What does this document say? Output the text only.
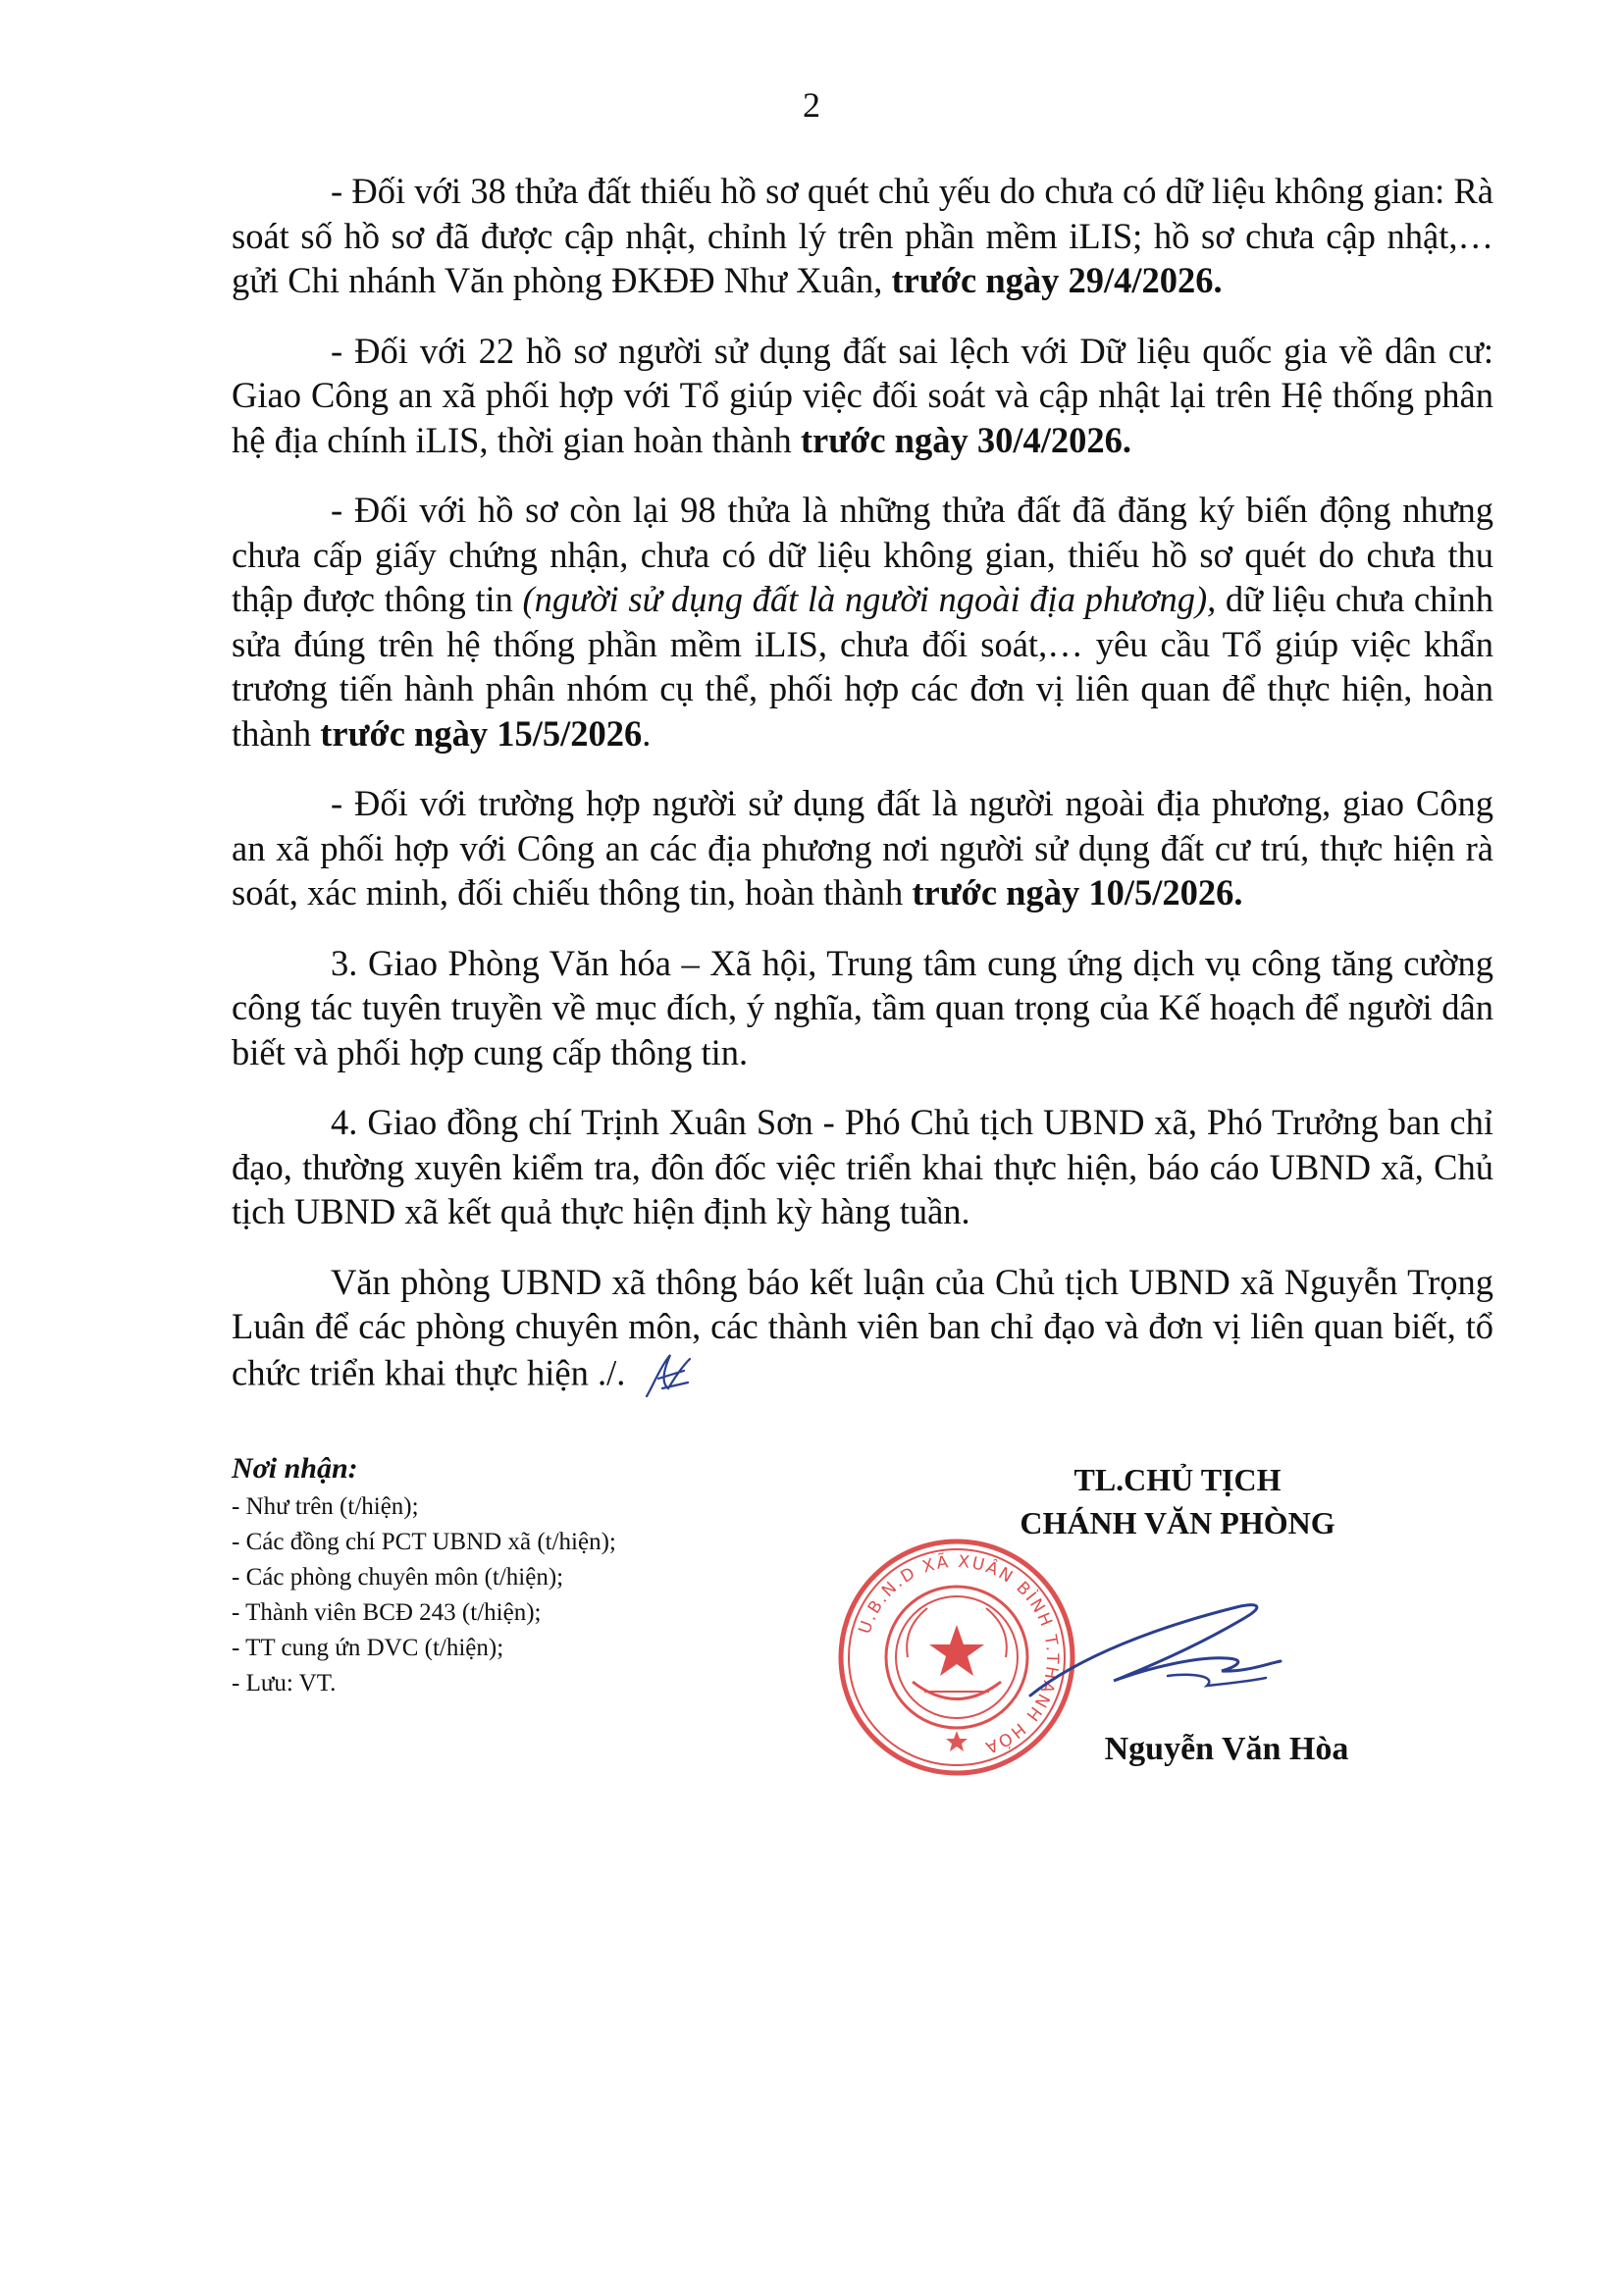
2

- Đối với 38 thửa đất thiếu hồ sơ quét chủ yếu do chưa có dữ liệu không gian: Rà soát số hồ sơ đã được cập nhật, chỉnh lý trên phần mềm iLIS; hồ sơ chưa cập nhật,… gửi Chi nhánh Văn phòng ĐKĐĐ Như Xuân, trước ngày 29/4/2026.

- Đối với 22 hồ sơ người sử dụng đất sai lệch với Dữ liệu quốc gia về dân cư: Giao Công an xã phối hợp với Tổ giúp việc đối soát và cập nhật lại trên Hệ thống phân hệ địa chính iLIS, thời gian hoàn thành trước ngày 30/4/2026.

- Đối với hồ sơ còn lại 98 thửa là những thửa đất đã đăng ký biến động nhưng chưa cấp giấy chứng nhận, chưa có dữ liệu không gian, thiếu hồ sơ quét do chưa thu thập được thông tin (người sử dụng đất là người ngoài địa phương), dữ liệu chưa chỉnh sửa đúng trên hệ thống phần mềm iLIS, chưa đối soát,… yêu cầu Tổ giúp việc khẩn trương tiến hành phân nhóm cụ thể, phối hợp các đơn vị liên quan để thực hiện, hoàn thành trước ngày 15/5/2026.

- Đối với trường hợp người sử dụng đất là người ngoài địa phương, giao Công an xã phối hợp với Công an các địa phương nơi người sử dụng đất cư trú, thực hiện rà soát, xác minh, đối chiếu thông tin, hoàn thành trước ngày 10/5/2026.

3. Giao Phòng Văn hóa – Xã hội, Trung tâm cung ứng dịch vụ công tăng cường công tác tuyên truyền về mục đích, ý nghĩa, tầm quan trọng của Kế hoạch để người dân biết và phối hợp cung cấp thông tin.

4. Giao đồng chí Trịnh Xuân Sơn - Phó Chủ tịch UBND xã, Phó Trưởng ban chỉ đạo, thường xuyên kiểm tra, đôn đốc việc triển khai thực hiện, báo cáo UBND xã, Chủ tịch UBND xã kết quả thực hiện định kỳ hàng tuần.

Văn phòng UBND xã thông báo kết luận của Chủ tịch UBND xã Nguyễn Trọng Luân để các phòng chuyên môn, các thành viên ban chỉ đạo và đơn vị liên quan biết, tổ chức triển khai thực hiện ./.

Nơi nhận:
- Như trên (t/hiện);
- Các đồng chí PCT UBND xã (t/hiện);
- Các phòng chuyên môn (t/hiện);
- Thành viên BCĐ 243 (t/hiện);
- TT cung ứn DVC (t/hiện);
- Lưu: VT.
TL.CHỦ TỊCH
CHÁNH VĂN PHÒNG
U.B.N.D XÃ XUÂN BÌNH T.THANH HÓA	Nguyễn Văn Hòa
